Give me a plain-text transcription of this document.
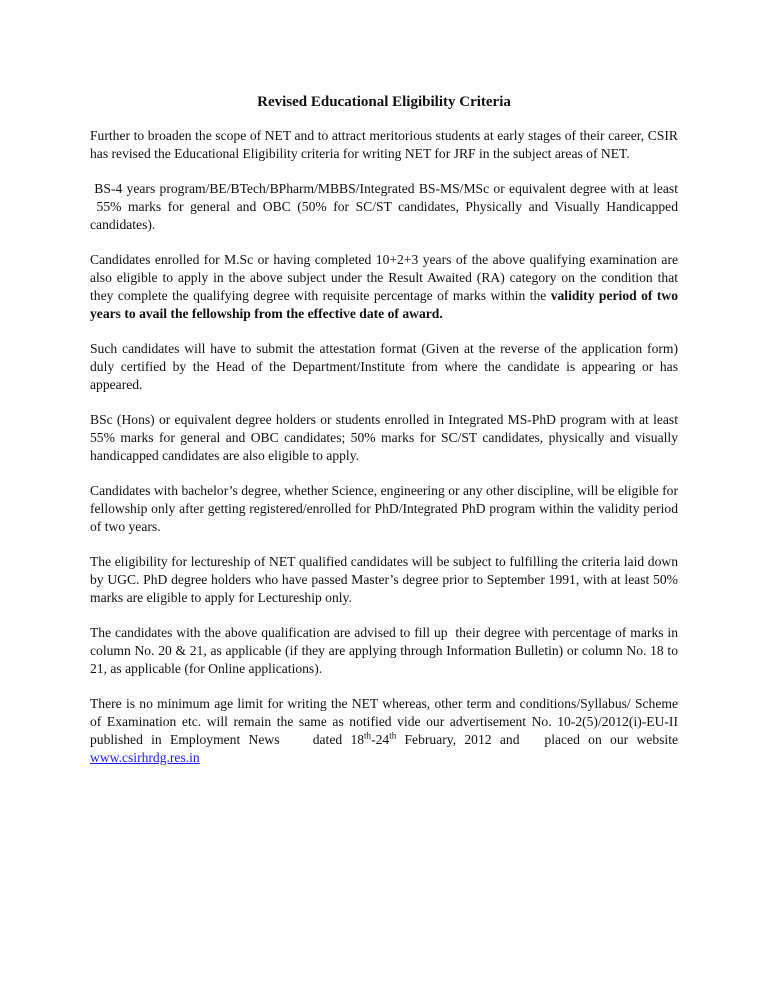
Revised Educational Eligibility Criteria

Further to broaden the scope of NET and to attract meritorious students at early stages of their career, CSIR has revised the Educational Eligibility criteria for writing NET for JRF in the subject areas of NET.

BS-4 years program/BE/BTech/BPharm/MBBS/Integrated BS-MS/MSc or equivalent degree with at least  55% marks for general and OBC (50% for SC/ST candidates, Physically and Visually Handicapped candidates).

Candidates enrolled for M.Sc or having completed 10+2+3 years of the above qualifying examination are also eligible to apply in the above subject under the Result Awaited (RA) category on the condition that they complete the qualifying degree with requisite percentage of marks within the validity period of two years to avail the fellowship from the effective date of award.

Such candidates will have to submit the attestation format (Given at the reverse of the application form) duly certified by the Head of the Department/Institute from where the candidate is appearing or has appeared.

BSc (Hons) or equivalent degree holders or students enrolled in Integrated MS-PhD program with at least 55% marks for general and OBC candidates; 50% marks for SC/ST candidates, physically and visually handicapped candidates are also eligible to apply.

Candidates with bachelor’s degree, whether Science, engineering or any other discipline, will be eligible for fellowship only after getting registered/enrolled for PhD/Integrated PhD program within the validity period of two years.

The eligibility for lectureship of NET qualified candidates will be subject to fulfilling the criteria laid down by UGC. PhD degree holders who have passed Master’s degree prior to September 1991, with at least 50% marks are eligible to apply for Lectureship only.

The candidates with the above qualification are advised to fill up  their degree with percentage of marks in column No. 20 & 21, as applicable (if they are applying through Information Bulletin) or column No. 18 to 21, as applicable (for Online applications).

There is no minimum age limit for writing the NET whereas, other term and conditions/Syllabus/ Scheme of Examination etc. will remain the same as notified vide our advertisement No. 10-2(5)/2012(i)-EU-II published in Employment News    dated 18th-24th February, 2012 and   placed on our website www.csirhrdg.res.in
